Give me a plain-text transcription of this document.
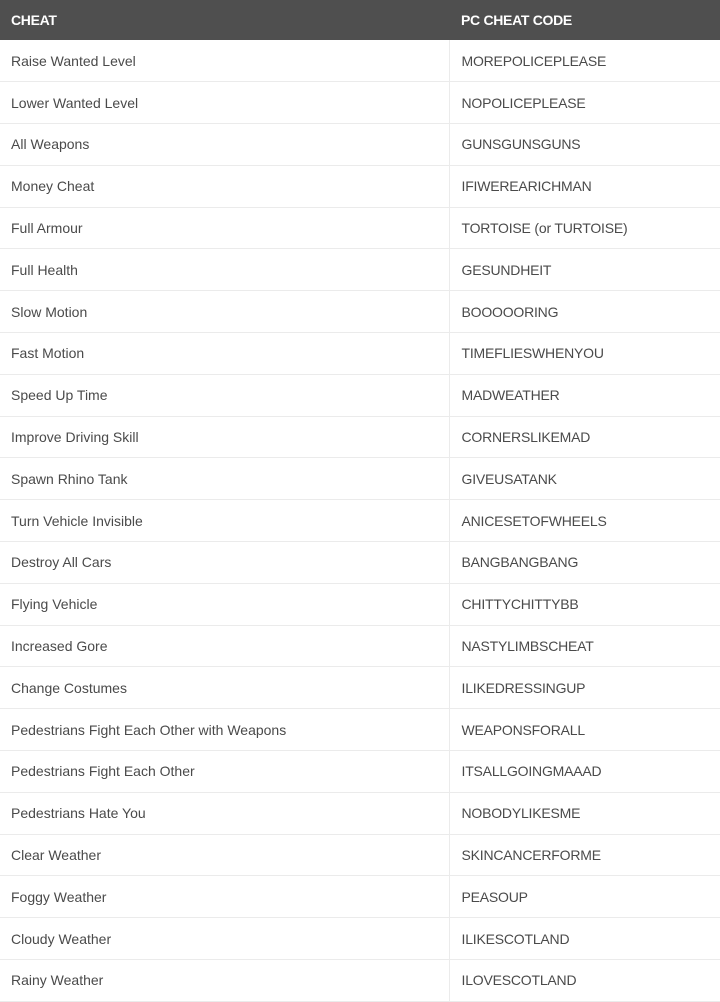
CHEAT	PC CHEAT CODE
Raise Wanted Level	MOREPOLICEPLEASE
Lower Wanted Level	NOPOLICEPLEASE
All Weapons	GUNSGUNSGUNS
Money Cheat	IFIWEREARICHMAN
Full Armour	TORTOISE (or TURTOISE)
Full Health	GESUNDHEIT
Slow Motion	BOOOOORING
Fast Motion	TIMEFLIESWHENYOU
Speed Up Time	MADWEATHER
Improve Driving Skill	CORNERSLIKEMAD
Spawn Rhino Tank	GIVEUSATANK
Turn Vehicle Invisible	ANICESETOFWHEELS
Destroy All Cars	BANGBANGBANG
Flying Vehicle	CHITTYCHITTYBB
Increased Gore	NASTYLIMBSCHEAT
Change Costumes	ILIKEDRESSINGUP
Pedestrians Fight Each Other with Weapons	WEAPONSFORALL
Pedestrians Fight Each Other	ITSALLGOINGMAAAD
Pedestrians Hate You	NOBODYLIKESME
Clear Weather	SKINCANCERFORME
Foggy Weather	PEASOUP
Cloudy Weather	ILIKESCOTLAND
Rainy Weather	ILOVESCOTLAND
